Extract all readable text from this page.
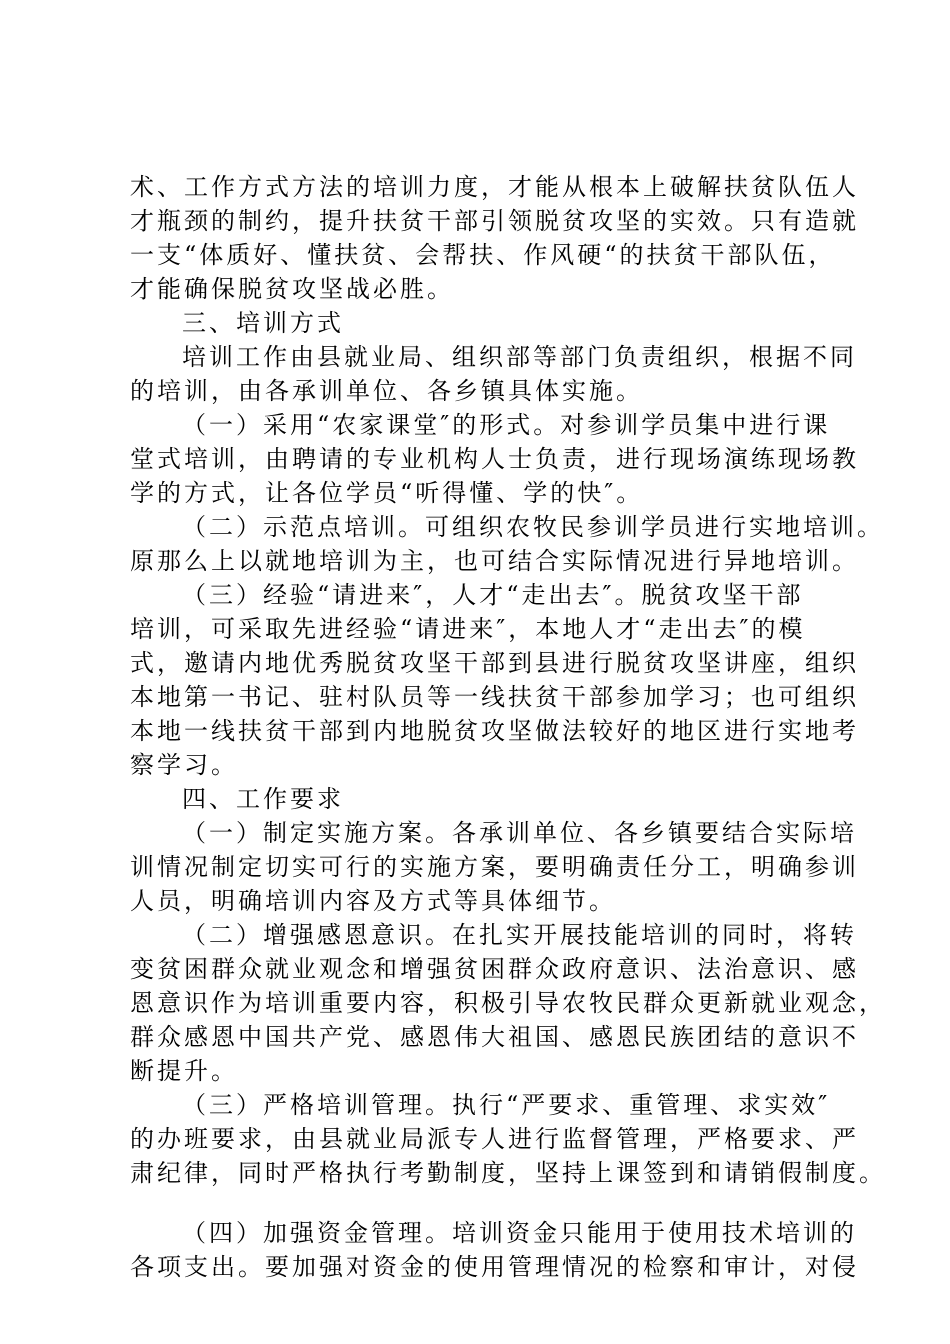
术、工作方式方法的培训力度，才能从根本上破解扶贫队伍人
才瓶颈的制约，提升扶贫干部引领脱贫攻坚的实效。只有造就
一支“体质好、懂扶贫、会帮扶、作风硬“的扶贫干部队伍，
才能确保脱贫攻坚战必胜。
三、培训方式
培训工作由县就业局、组织部等部门负责组织，根据不同
的培训，由各承训单位、各乡镇具体实施。
（一）采用“农家课堂″的形式。对参训学员集中进行课
堂式培训，由聘请的专业机构人士负责，进行现场演练现场教
学的方式，让各位学员“听得懂、学的快″。
（二）示范点培训。可组织农牧民参训学员进行实地培训。
原那么上以就地培训为主，也可结合实际情况进行异地培训。
（三）经验“请进来″，人才“走出去″。脱贫攻坚干部
培训，可采取先进经验“请进来″，本地人才“走出去″的模
式，邀请内地优秀脱贫攻坚干部到县进行脱贫攻坚讲座，组织
本地第一书记、驻村队员等一线扶贫干部参加学习；也可组织
本地一线扶贫干部到内地脱贫攻坚做法较好的地区进行实地考
察学习。
四、工作要求
（一）制定实施方案。各承训单位、各乡镇要结合实际培
训情况制定切实可行的实施方案，要明确责任分工，明确参训
人员，明确培训内容及方式等具体细节。
（二）增强感恩意识。在扎实开展技能培训的同时，将转
变贫困群众就业观念和增强贫困群众政府意识、法治意识、感
恩意识作为培训重要内容，积极引导农牧民群众更新就业观念，
群众感恩中国共产党、感恩伟大祖国、感恩民族团结的意识不
断提升。
（三）严格培训管理。执行“严要求、重管理、求实效″
的办班要求，由县就业局派专人进行监督管理，严格要求、严
肃纪律，同时严格执行考勤制度，坚持上课签到和请销假制度。
（四）加强资金管理。培训资金只能用于使用技术培训的
各项支出。要加强对资金的使用管理情况的检察和审计，对侵
